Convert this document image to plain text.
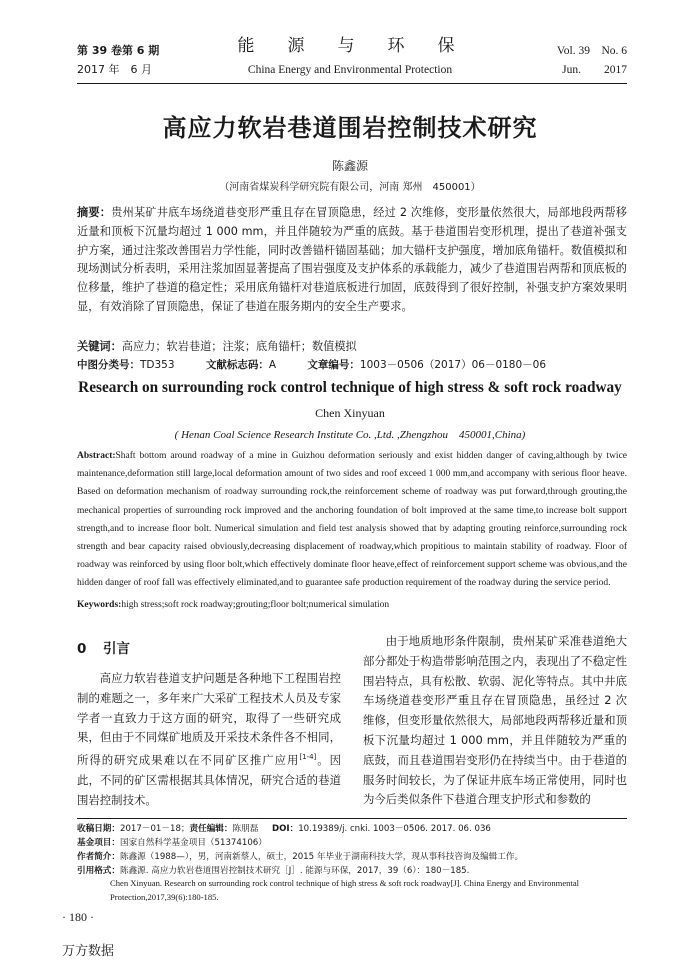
第 39 卷第 6 期
2017 年　6 月
能　源　与　环　保
China Energy and Environmental Protection
Vol. 39　No. 6
Jun.　　2017
高应力软岩巷道围岩控制技术研究
陈鑫源
（河南省煤炭科学研究院有限公司，河南 郑州　450001）
摘要：贵州某矿井底车场绕道巷变形严重且存在冒顶隐患，经过 2 次维修，变形量依然很大，局部地段两帮移近量和顶板下沉量均超过 1 000 mm，并且伴随较为严重的底鼓。基于巷道围岩变形机理，提出了巷道补强支护方案，通过注浆改善围岩力学性能，同时改善锚杆锚固基础；加大锚杆支护强度，增加底角锚杆。数值模拟和现场测试分析表明，采用注浆加固显著提高了围岩强度及支护体系的承载能力，减少了巷道围岩两帮和顶底板的位移量，维护了巷道的稳定性；采用底角锚杆对巷道底板进行加固，底鼓得到了很好控制，补强支护方案效果明显，有效消除了冒顶隐患，保证了巷道在服务期内的安全生产要求。
关键词：高应力；软岩巷道；注浆；底角锚杆；数值模拟
中图分类号：TD353	文献标志码：A	文章编号：1003－0506（2017）06－0180－06
Research on surrounding rock control technique of high stress & soft rock roadway
Chen Xinyuan
( Henan Coal Science Research Institute Co. ,Ltd. ,Zhengzhou　450001,China)
Abstract:Shaft bottom around roadway of a mine in Guizhou deformation seriously and exist hidden danger of caving,although by twice maintenance,deformation still large,local deformation amount of two sides and roof exceed 1 000 mm,and accompany with serious floor heave. Based on deformation mechanism of roadway surrounding rock,the reinforcement scheme of roadway was put forward,through grouting,the mechanical properties of surrounding rock improved and the anchoring foundation of bolt improved at the same time,to increase bolt support strength,and to increase floor bolt. Numerical simulation and field test analysis showed that by adapting grouting reinforce,surrounding rock strength and bear capacity raised obviously,decreasing displacement of roadway,which propitious to maintain stability of roadway. Floor of roadway was reinforced by using floor bolt,which effectively dominate floor heave,effect of reinforcement support scheme was obvious,and the hidden danger of roof fall was effectively eliminated,and to guarantee safe production requirement of the roadway during the service period.
Keywords:high stress;soft rock roadway;grouting;floor bolt;numerical simulation
0 引言

高应力软岩巷道支护问题是各种地下工程围岩控制的难题之一，多年来广大采矿工程技术人员及专家学者一直致力于这方面的研究，取得了一些研究成果，但由于不同煤矿地质及开采技术条件各不相同，所得的研究成果难以在不同矿区推广应用[1-4]。因此，不同的矿区需根据其具体情况，研究合适的巷道围岩控制技术。

由于地质地形条件限制，贵州某矿采准巷道绝大部分都处于构造带影响范围之内，表现出了不稳定性围岩特点，具有松散、软弱、泥化等特点。其中井底车场绕道巷变形严重且存在冒顶隐患，虽经过 2 次维修，但变形量依然很大，局部地段两帮移近量和顶板下沉量均超过 1 000 mm，并且伴随较为严重的底鼓，而且巷道围岩变形仍在持续当中。由于巷道的服务时间较长，为了保证井底车场正常使用，同时也为今后类似条件下巷道合理支护形式和参数的

收稿日期：2017－01－18；责任编辑：陈朋磊 DOI：10.19389/j. cnki. 1003－0506. 2017. 06. 036
基金项目：国家自然科学基金项目（51374106）
作者简介：陈鑫源（1988—），男，河南新蔡人，硕士，2015 年毕业于湖南科技大学，现从事科技咨询及编辑工作。
引用格式：陈鑫源. 高应力软岩巷道围岩控制技术研究［J］. 能源与环保，2017，39（6）：180－185.
Chen Xinyuan. Research on surrounding rock control technique of high stress & soft rock roadway[J]. China Energy and Environmental Protection,2017,39(6):180-185.
· 180 ·
万方数据
